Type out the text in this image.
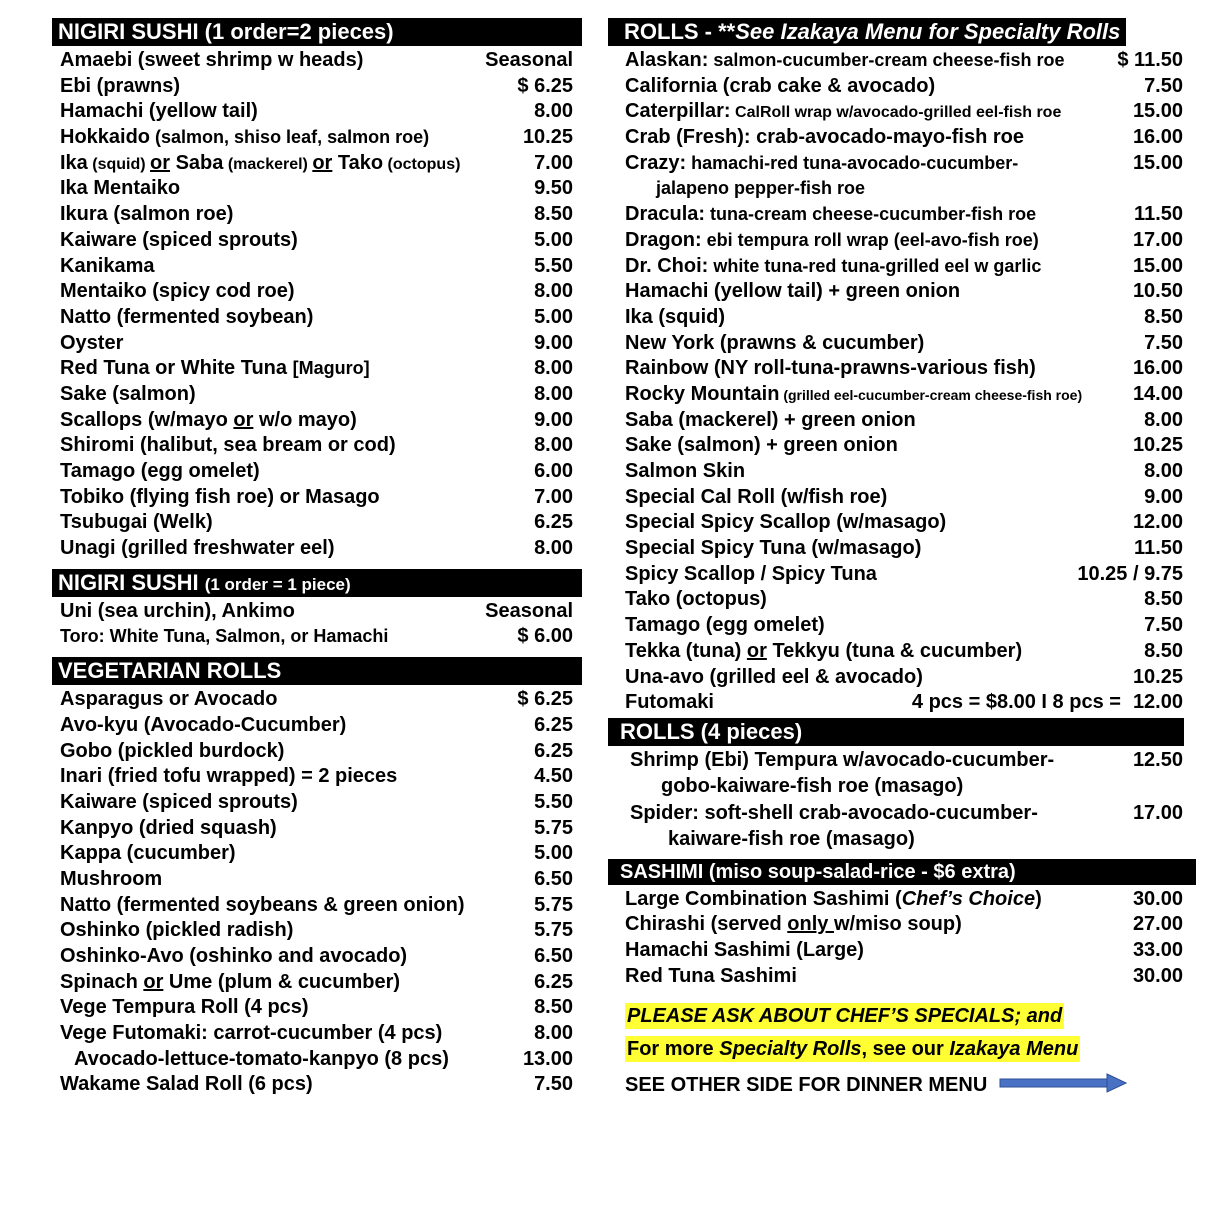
NIGIRI SUSHI (1 order=2 pieces)
Amaebi (sweet shrimp w heads)	Seasonal
Ebi (prawns)	$ 6.25
Hamachi (yellow tail)	8.00
Hokkaido (salmon, shiso leaf, salmon roe)	10.25
Ika (squid) or Saba (mackerel) or Tako (octopus)	7.00
Ika Mentaiko	9.50
Ikura (salmon roe)	8.50
Kaiware (spiced sprouts)	5.00
Kanikama	5.50
Mentaiko (spicy cod roe)	8.00
Natto (fermented soybean)	5.00
Oyster	9.00
Red Tuna or White Tuna [Maguro]	8.00
Sake (salmon)	8.00
Scallops (w/mayo or w/o mayo)	9.00
Shiromi (halibut, sea bream or cod)	8.00
Tamago (egg omelet)	6.00
Tobiko (flying fish roe) or Masago	7.00
Tsubugai (Welk)	6.25
Unagi (grilled freshwater eel)	8.00
NIGIRI SUSHI (1 order = 1 piece)
Uni (sea urchin), Ankimo	Seasonal
Toro: White Tuna, Salmon, or Hamachi	$ 6.00
VEGETARIAN ROLLS
Asparagus or Avocado	$ 6.25
Avo-kyu (Avocado-Cucumber)	6.25
Gobo (pickled burdock)	6.25
Inari (fried tofu wrapped) = 2 pieces	4.50
Kaiware (spiced sprouts)	5.50
Kanpyo (dried squash)	5.75
Kappa (cucumber)	5.00
Mushroom	6.50
Natto (fermented soybeans & green onion)	5.75
Oshinko (pickled radish)	5.75
Oshinko-Avo (oshinko and avocado)	6.50
Spinach or Ume (plum & cucumber)	6.25
Vege Tempura Roll (4 pcs)	8.50
Vege Futomaki: carrot-cucumber (4 pcs)	8.00
Avocado-lettuce-tomato-kanpyo (8 pcs)	13.00
Wakame Salad Roll (6 pcs)	7.50
ROLLS - **See Izakaya Menu for Specialty Rolls
Alaskan: salmon-cucumber-cream cheese-fish roe	$ 11.50
California (crab cake & avocado)	7.50
Caterpillar: CalRoll wrap w/avocado-grilled eel-fish roe	15.00
Crab (Fresh): crab-avocado-mayo-fish roe	16.00
Crazy: hamachi-red tuna-avocado-cucumber-	15.00
jalapeno pepper-fish roe
Dracula: tuna-cream cheese-cucumber-fish roe	11.50
Dragon: ebi tempura roll wrap (eel-avo-fish roe)	17.00
Dr. Choi: white tuna-red tuna-grilled eel w garlic	15.00
Hamachi (yellow tail) + green onion	10.50
Ika (squid)	8.50
New York (prawns & cucumber)	7.50
Rainbow (NY roll-tuna-prawns-various fish)	16.00
Rocky Mountain (grilled eel-cucumber-cream cheese-fish roe)	14.00
Saba (mackerel) + green onion	8.00
Sake (salmon) + green onion	10.25
Salmon Skin	8.00
Special Cal Roll (w/fish roe)	9.00
Special Spicy Scallop (w/masago)	12.00
Special Spicy Tuna (w/masago)	11.50
Spicy Scallop / Spicy Tuna	10.25 / 9.75
Tako (octopus)	8.50
Tamago (egg omelet)	7.50
Tekka (tuna) or Tekkyu (tuna & cucumber)	8.50
Una-avo (grilled eel & avocado)	10.25
Futomaki	4 pcs = $8.00 I 8 pcs = 12.00
ROLLS (4 pieces)
Shrimp (Ebi) Tempura w/avocado-cucumber-	12.50
gobo-kaiware-fish roe (masago)
Spider: soft-shell crab-avocado-cucumber-	17.00
kaiware-fish roe (masago)
SASHIMI (miso soup-salad-rice - $6 extra)
Large Combination Sashimi (Chef’s Choice)	30.00
Chirashi (served only w/miso soup)	27.00
Hamachi Sashimi (Large)	33.00
Red Tuna Sashimi	30.00
PLEASE ASK ABOUT CHEF’S SPECIALS; and
For more Specialty Rolls, see our Izakaya Menu
SEE OTHER SIDE FOR DINNER MENU
